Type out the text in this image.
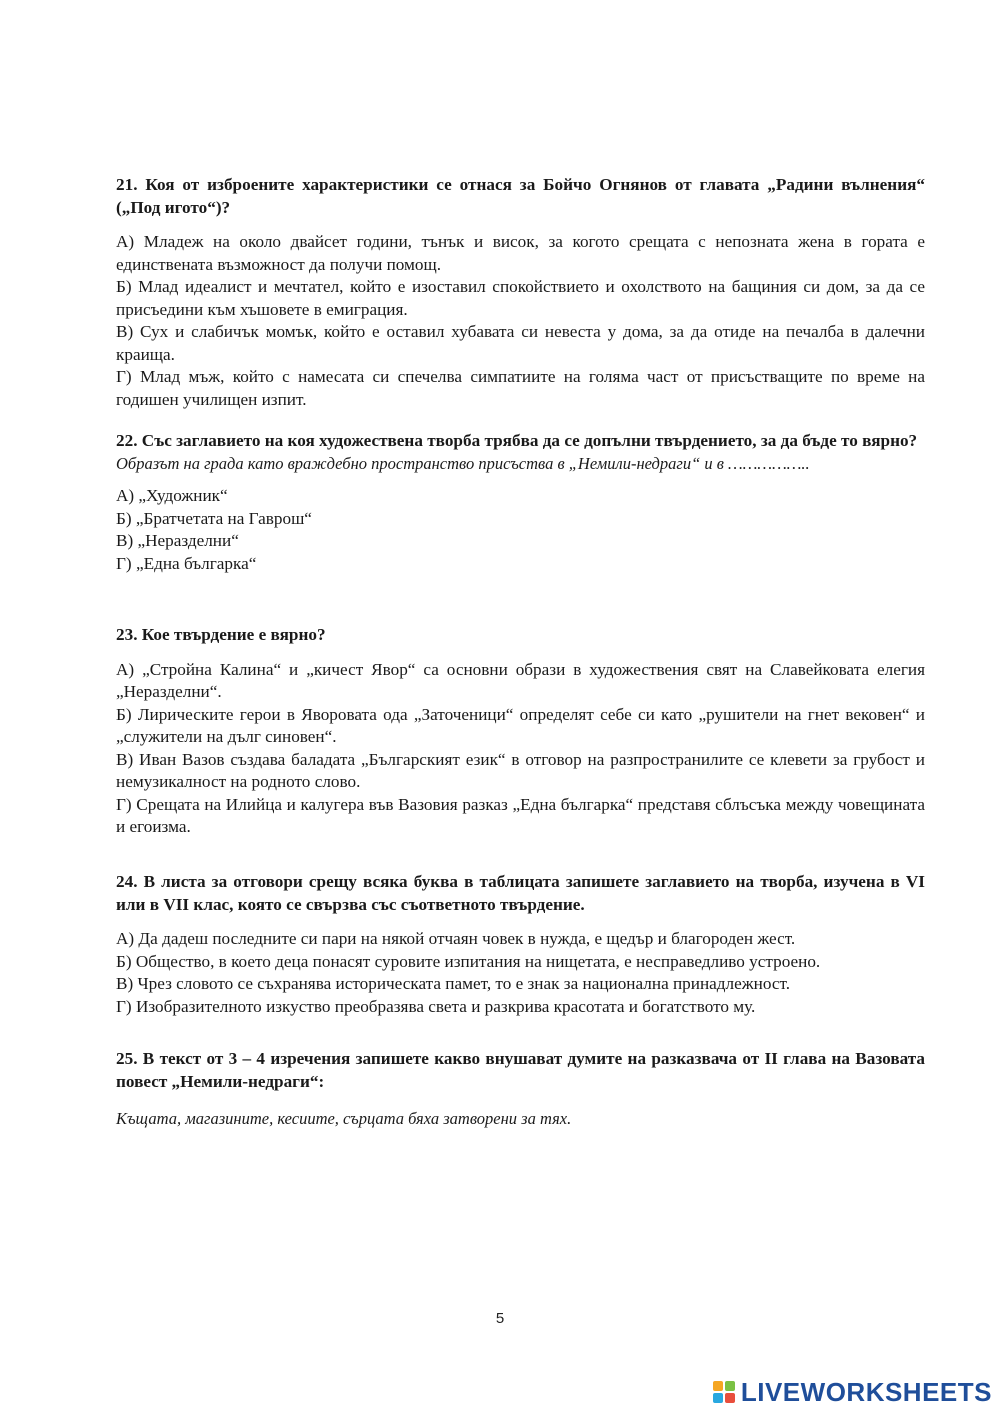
21. Коя от изброените характеристики се отнася за Бойчо Огнянов от главата „Радини вълнения“ („Под игото“)?

А) Младеж на около двайсет години, тънък и висок, за когото срещата с непозната жена в гората е единствената възможност да получи помощ.

Б) Млад идеалист и мечтател, който е изоставил спокойствието и охолството на бащиния си дом, за да се присъедини към хъшовете в емиграция.

В) Сух и слабичък момък, който е оставил хубавата си невеста у дома, за да отиде на печалба в далечни краища.

Г) Млад мъж, който с намесата си спечелва симпатиите на голяма част от присъстващите по време на годишен училищен изпит.

22. Със заглавието на коя художествена творба трябва да се допълни твърдението, за да бъде то вярно?

Образът на града като враждебно пространство присъства в „Немили-недраги“ и в ……………..

А) „Художник“

Б) „Братчетата на Гаврош“

В) „Неразделни“

Г) „Една българка“

23. Кое твърдение е вярно?

А) „Стройна Калина“ и „кичест Явор“ са основни образи в художествения свят на Славейковата елегия „Неразделни“.

Б) Лирическите герои в Яворовата ода „Заточеници“ определят себе си като „рушители на гнет вековен“ и „служители на дълг синовен“.

В) Иван Вазов създава баладата „Българският език“ в отговор на разпространилите се клевети за грубост и немузикалност на родното слово.

Г) Срещата на Илийца и калугера във Вазовия разказ „Една българка“ представя сблъсъка между човещината и егоизма.

24. В листа за отговори срещу всяка буква в таблицата запишете заглавието на творба, изучена в VI или в VII клас, която се свързва със съответното твърдение.

А) Да дадеш последните си пари на някой отчаян човек в нужда, е щедър и благороден жест.

Б) Общество, в което деца понасят суровите изпитания на нищетата, е несправедливо устроено.

В) Чрез словото се съхранява историческата памет, то е знак за национална принадлежност.

Г) Изобразителното изкуство преобразява света и разкрива красотата и богатството му.

25. В текст от 3 – 4 изречения запишете какво внушават думите на разказвача от II глава на Вазовата повест „Немили-недраги“:

Къщата, магазините, кесиите, сърцата бяха затворени за тях.

5
LIVEWORKSHEETS
